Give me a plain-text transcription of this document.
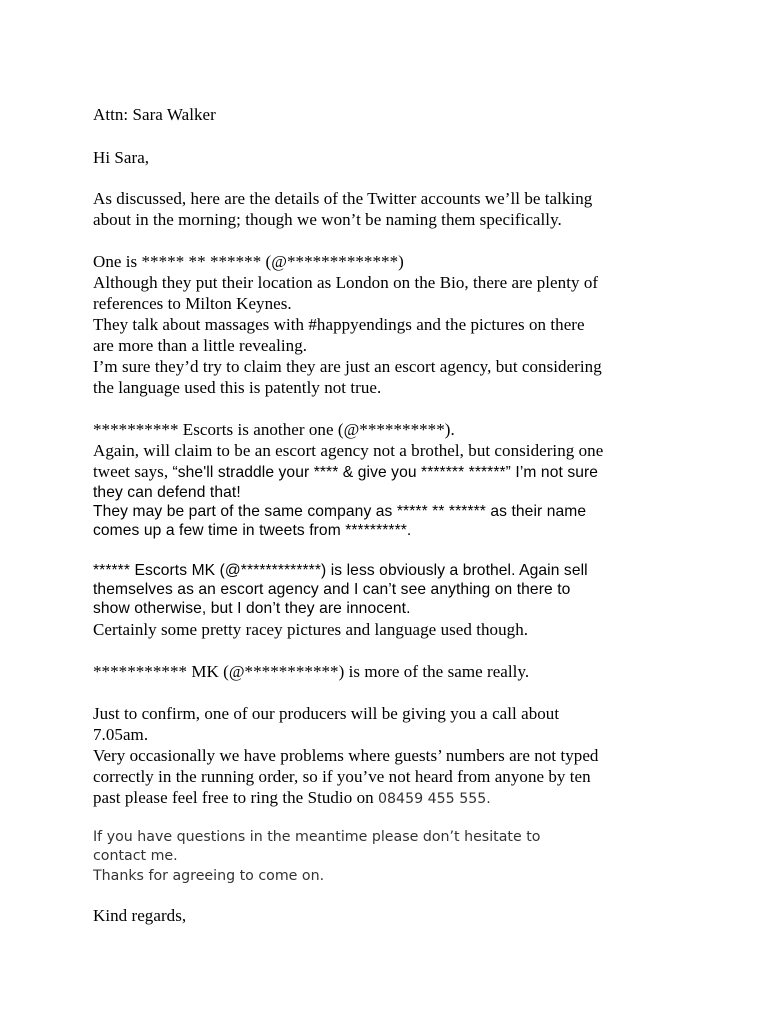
Attn: Sara Walker
Hi Sara,
As discussed, here are the details of the Twitter accounts we’ll be talking
about in the morning; though we won’t be naming them specifically.
One is ***** ** ****** (@*************)
Although they put their location as London on the Bio, there are plenty of
references to Milton Keynes.
They talk about massages with #happyendings and the pictures on there
are more than a little revealing.
I’m sure they’d try to claim they are just an escort agency, but considering
the language used this is patently not true.
********** Escorts is another one (@**********).
Again, will claim to be an escort agency not a brothel, but considering one
tweet says, “she'll straddle your **** & give you ******* ******” I’m not sure
they can defend that!
They may be part of the same company as ***** ** ****** as their name
comes up a few time in tweets from **********.
****** Escorts MK (@*************) is less obviously a brothel. Again sell
themselves as an escort agency and I can’t see anything on there to
show otherwise, but I don’t they are innocent.
Certainly some pretty racey pictures and language used though.
*********** MK (@***********) is more of the same really.
Just to confirm, one of our producers will be giving you a call about
7.05am.
Very occasionally we have problems where guests’ numbers are not typed
correctly in the running order, so if you’ve not heard from anyone by ten
past please feel free to ring the Studio on 08459 455 555.
If you have questions in the meantime please don’t hesitate to
contact me.
Thanks for agreeing to come on.
Kind regards,
